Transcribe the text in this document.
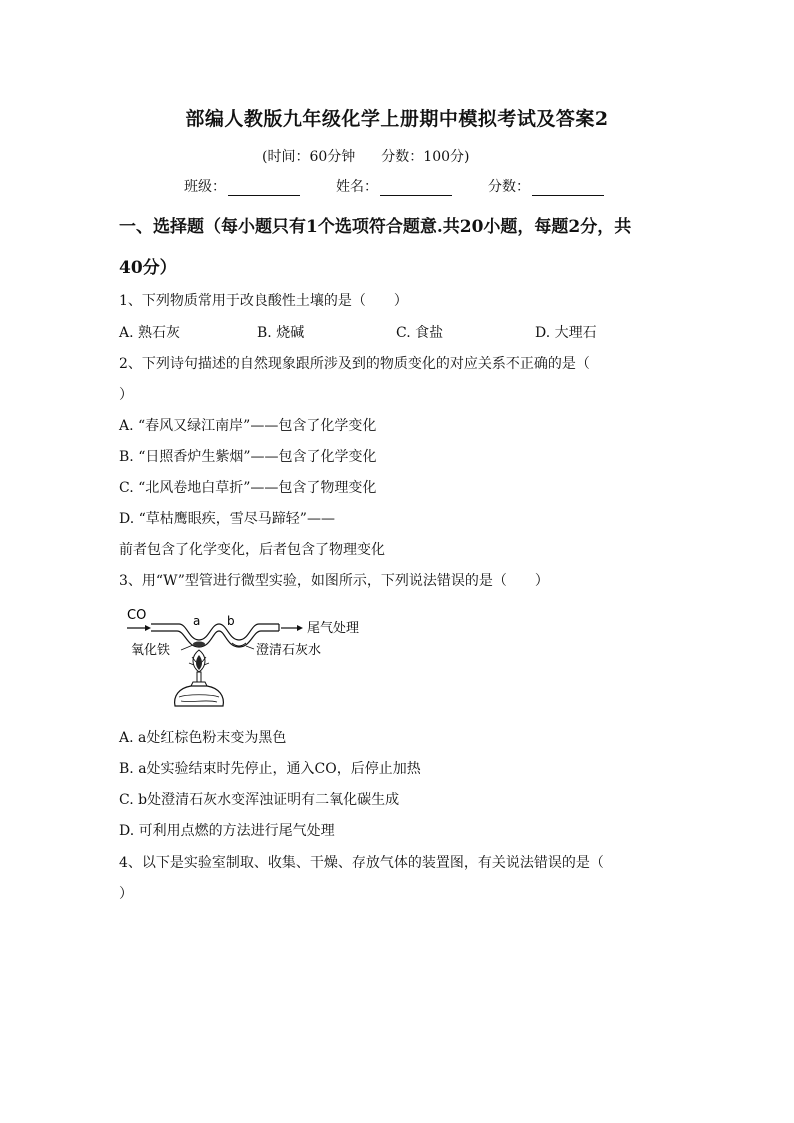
部编人教版九年级化学上册期中模拟考试及答案2
(时间：60分钟 分数：100分)
班级：	姓名：	分数：
一、选择题（每小题只有1个选项符合题意.共20小题，每题2分，共
40分）
1、下列物质常用于改良酸性土壤的是（　　）
A. 熟石灰	B. 烧碱	C. 食盐	D. 大理石
2、下列诗句描述的自然现象跟所涉及到的物质变化的对应关系不正确的是（
）
A. “春风又绿江南岸”——包含了化学变化
B. “日照香炉生紫烟”——包含了化学变化
C. “北风卷地白草折”——包含了物理变化
D. “草枯鹰眼疾，雪尽马蹄轻”——
前者包含了化学变化，后者包含了物理变化
3、用“W”型管进行微型实验，如图所示，下列说法错误的是（　　）
CO	a b	尾气处理
氧化铁	澄清石灰水
A. a处红棕色粉末变为黑色
B. a处实验结束时先停止，通入CO，后停止加热
C. b处澄清石灰水变浑浊证明有二氧化碳生成
D. 可利用点燃的方法进行尾气处理
4、以下是实验室制取、收集、干燥、存放气体的装置图，有关说法错误的是（
）
